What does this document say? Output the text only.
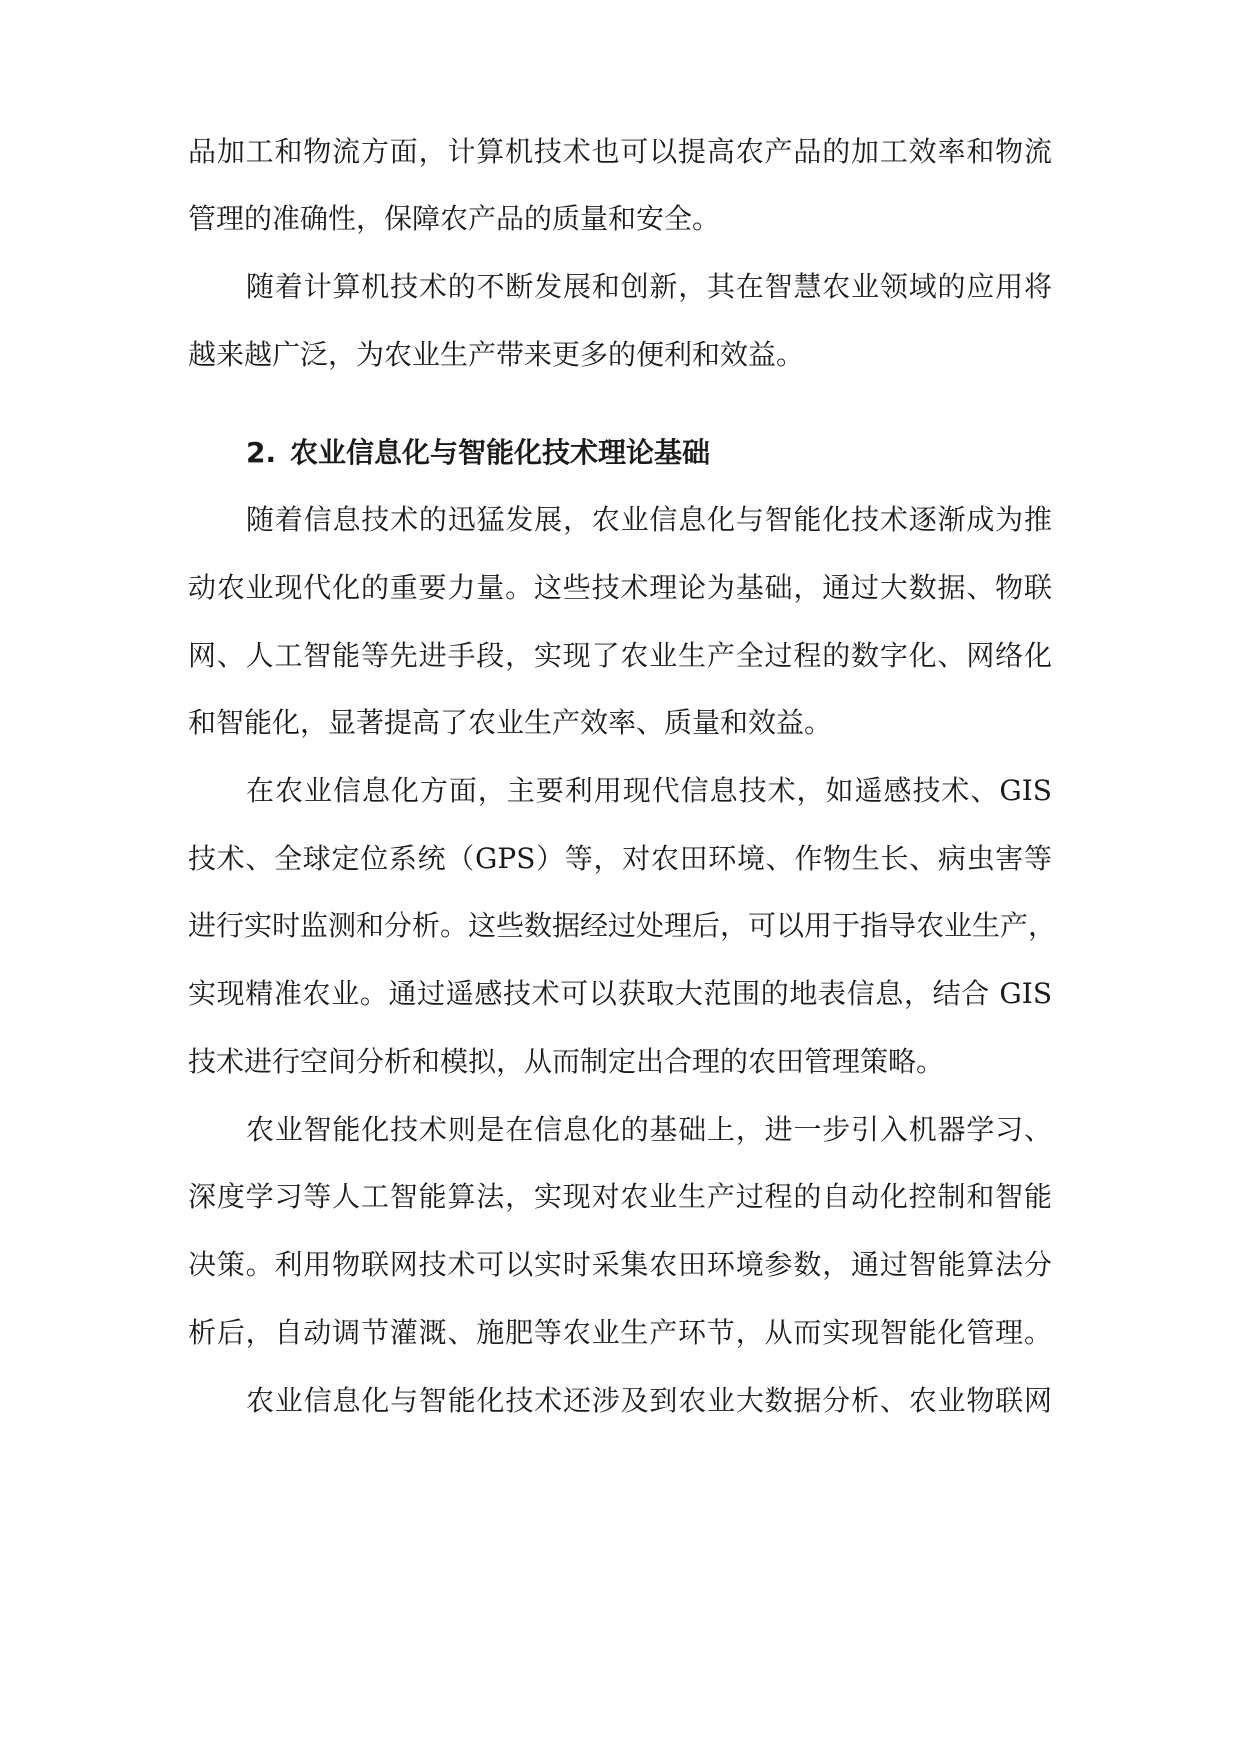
品加工和物流方面，计算机技术也可以提高农产品的加工效率和物流
管理的准确性，保障农产品的质量和安全。
随着计算机技术的不断发展和创新，其在智慧农业领域的应用将
越来越广泛，为农业生产带来更多的便利和效益。
2. 农业信息化与智能化技术理论基础
随着信息技术的迅猛发展，农业信息化与智能化技术逐渐成为推
动农业现代化的重要力量。这些技术理论为基础，通过大数据、物联
网、人工智能等先进手段，实现了农业生产全过程的数字化、网络化
和智能化，显著提高了农业生产效率、质量和效益。
在农业信息化方面，主要利用现代信息技术，如遥感技术、GIS
技术、全球定位系统（GPS）等，对农田环境、作物生长、病虫害等
进行实时监测和分析。这些数据经过处理后，可以用于指导农业生产，
实现精准农业。通过遥感技术可以获取大范围的地表信息，结合 GIS
技术进行空间分析和模拟，从而制定出合理的农田管理策略。
农业智能化技术则是在信息化的基础上，进一步引入机器学习、
深度学习等人工智能算法，实现对农业生产过程的自动化控制和智能
决策。利用物联网技术可以实时采集农田环境参数，通过智能算法分
析后，自动调节灌溉、施肥等农业生产环节，从而实现智能化管理。
农业信息化与智能化技术还涉及到农业大数据分析、农业物联网
